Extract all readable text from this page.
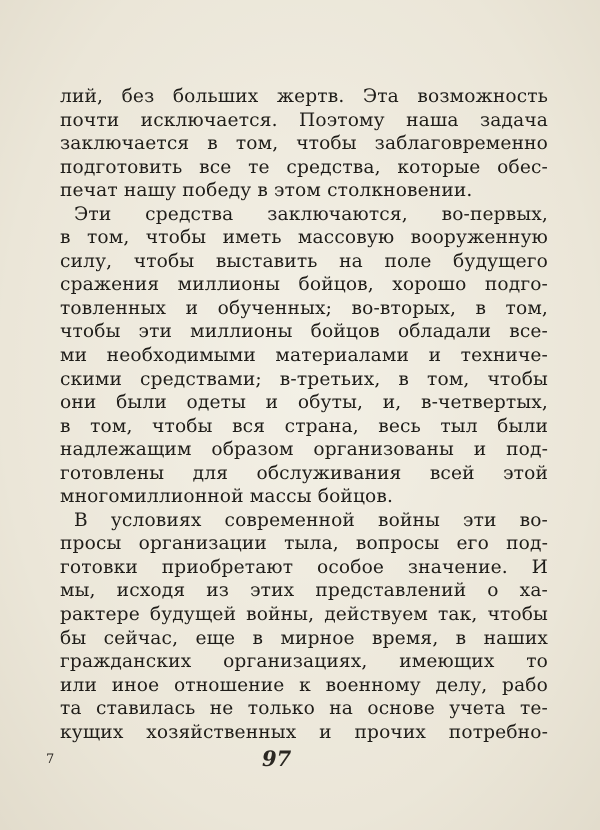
лий, без больших жертв. Эта возможность
почти исключается. Поэтому наша задача
заключается в том, чтобы заблаговременно
подготовить все те средства, которые обес-
печат нашу победу в этом столкновении.

Эти средства заключаются, во-первых,
в том, чтобы иметь массовую вооруженную
силу, чтобы выставить на поле будущего
сражения миллионы бойцов, хорошо подго-
товленных и обученных; во-вторых, в том,
чтобы эти миллионы бойцов обладали все-
ми необходимыми материалами и техниче-
скими средствами; в-третьих, в том, чтобы
они были одеты и обуты, и, в-четвертых,
в том, чтобы вся страна, весь тыл были
надлежащим образом организованы и под-
готовлены для обслуживания всей этой
многомиллионной массы бойцов.

В условиях современной войны эти во-
просы организации тыла, вопросы его под-
готовки приобретают особое значение. И
мы, исходя из этих представлений о ха-
рактере будущей войны, действуем так, чтобы
бы сейчас, еще в мирное время, в наших
гражданских организациях, имеющих то
или иное отношение к военному делу, рабо
та ставилась не только на основе учета те-
кущих хозяйственных и прочих потребно-

7	97
